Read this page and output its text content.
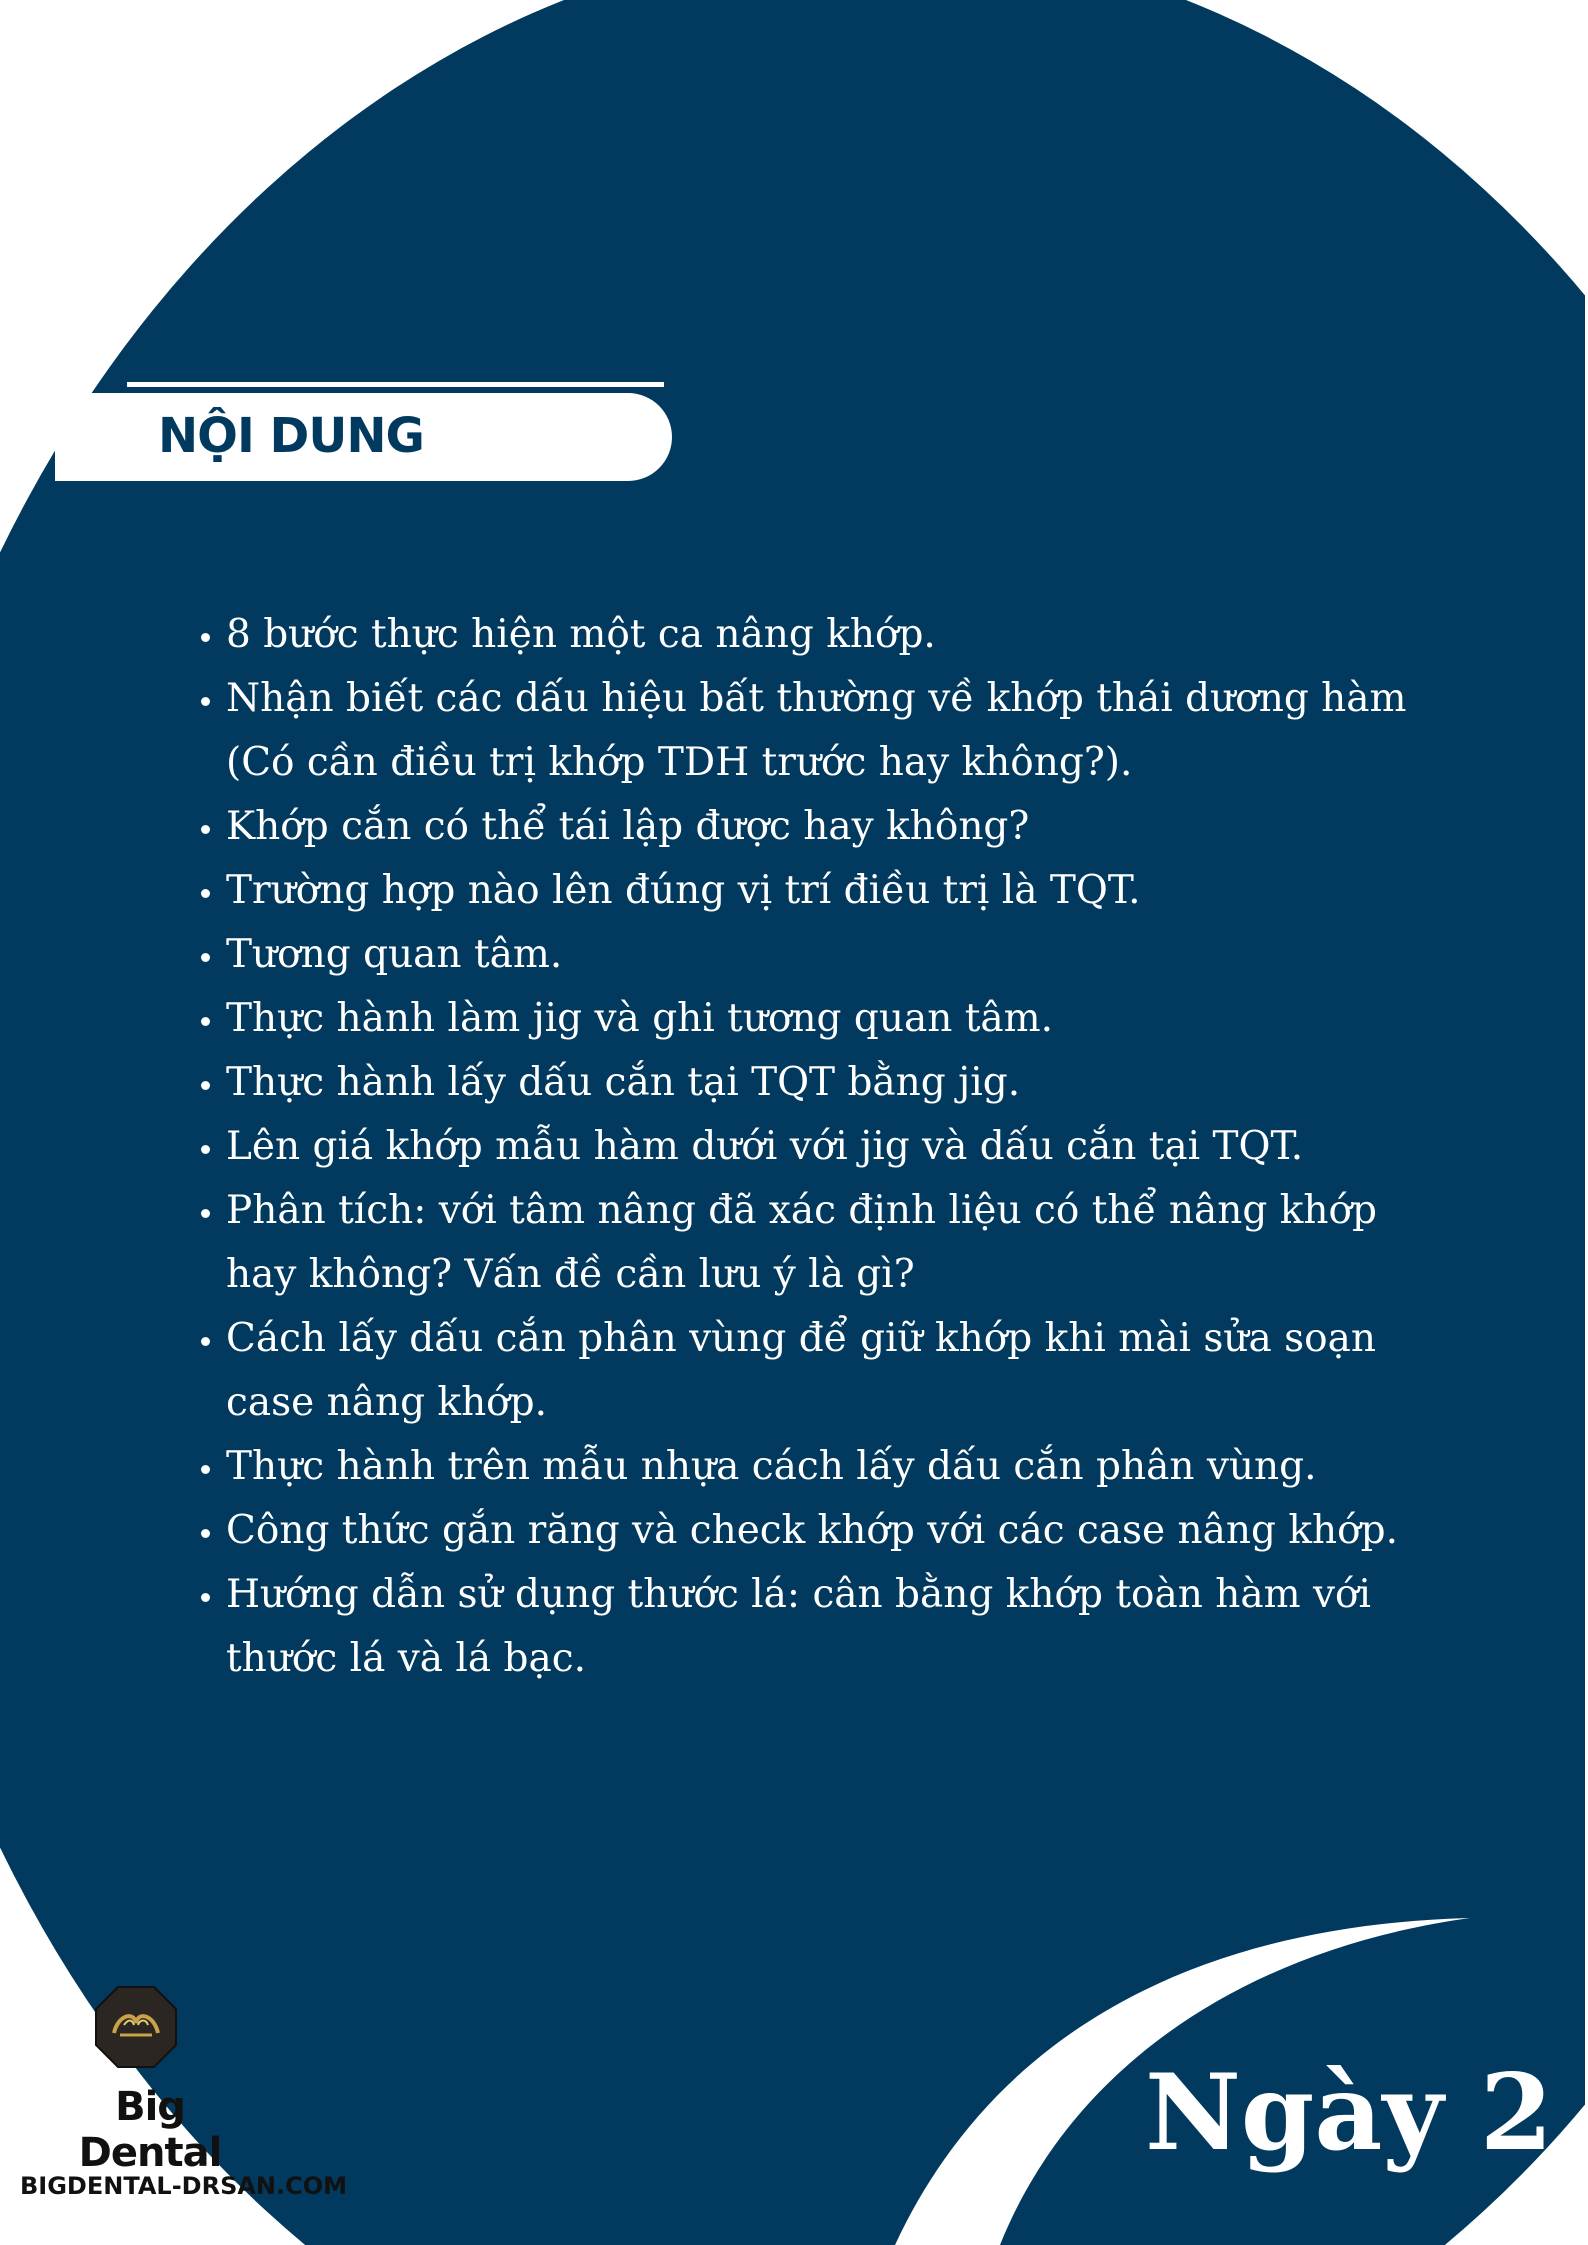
NỘI DUNG
• 8 bước thực hiện một ca nâng khớp.
• Nhận biết các dấu hiệu bất thường về khớp thái dương hàm (Có cần điều trị khớp TDH trước hay không?).
• Khớp cắn có thể tái lập được hay không?
• Trường hợp nào lên đúng vị trí điều trị là TQT.
• Tương quan tâm.
• Thực hành làm jig và ghi tương quan tâm.
• Thực hành lấy dấu cắn tại TQT bằng jig.
• Lên giá khớp mẫu hàm dưới với jig và dấu cắn tại TQT.
• Phân tích: với tâm nâng đã xác định liệu có thể nâng khớp hay không? Vấn đề cần lưu ý là gì?
• Cách lấy dấu cắn phân vùng để giữ khớp khi mài sửa soạn case nâng khớp.
• Thực hành trên mẫu nhựa cách lấy dấu cắn phân vùng.
• Công thức gắn răng và check khớp với các case nâng khớp.
• Hướng dẫn sử dụng thước lá: cân bằng khớp toàn hàm với thước lá và lá bạc.
Big Dental
BIGDENTAL-DRSAN.COM
Ngày 2
